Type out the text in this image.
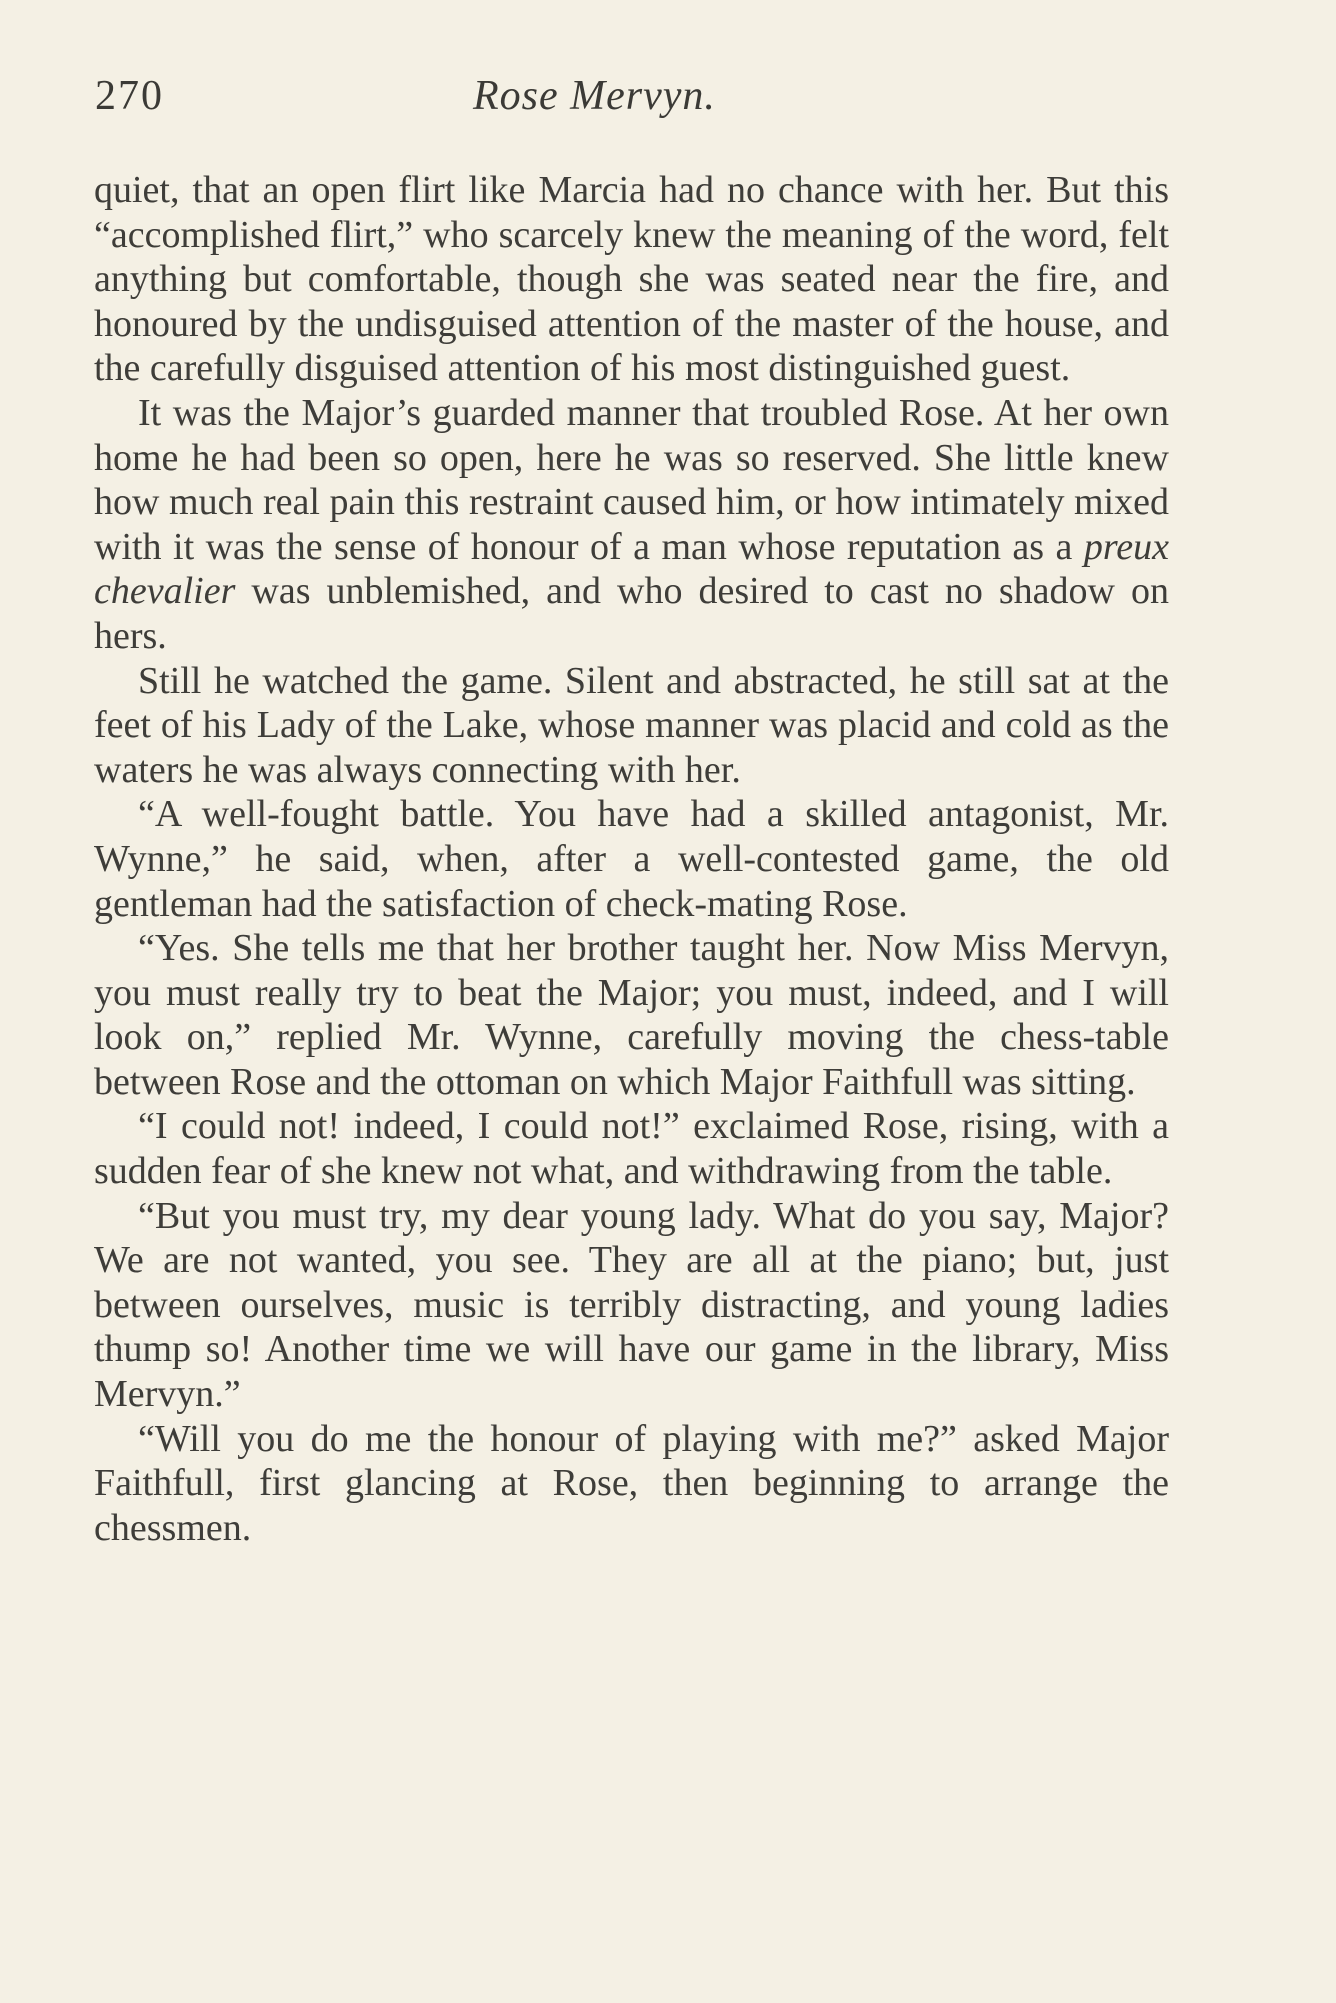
270	Rose Mervyn.

quiet, that an open flirt like Marcia had no chance with her. But this “accomplished flirt,” who scarcely knew the meaning of the word, felt anything but comfortable, though she was seated near the fire, and honoured by the undisguised attention of the master of the house, and the carefully disguised attention of his most distinguished guest.

It was the Major’s guarded manner that troubled Rose. At her own home he had been so open, here he was so reserved. She little knew how much real pain this restraint caused him, or how intimately mixed with it was the sense of honour of a man whose reputation as a preux chevalier was unblemished, and who desired to cast no shadow on hers.

Still he watched the game. Silent and abstracted, he still sat at the feet of his Lady of the Lake, whose manner was placid and cold as the waters he was always connecting with her.

“A well-fought battle. You have had a skilled antagonist, Mr. Wynne,” he said, when, after a well-contested game, the old gentleman had the satisfaction of check-mating Rose.

“Yes. She tells me that her brother taught her. Now Miss Mervyn, you must really try to beat the Major; you must, indeed, and I will look on,” replied Mr. Wynne, carefully moving the chess-table between Rose and the ottoman on which Major Faithfull was sitting.

“I could not! indeed, I could not!” exclaimed Rose, rising, with a sudden fear of she knew not what, and withdrawing from the table.

“But you must try, my dear young lady. What do you say, Major? We are not wanted, you see. They are all at the piano; but, just between ourselves, music is terribly distracting, and young ladies thump so! Another time we will have our game in the library, Miss Mervyn.”

“Will you do me the honour of playing with me?” asked Major Faithfull, first glancing at Rose, then beginning to arrange the chessmen.
